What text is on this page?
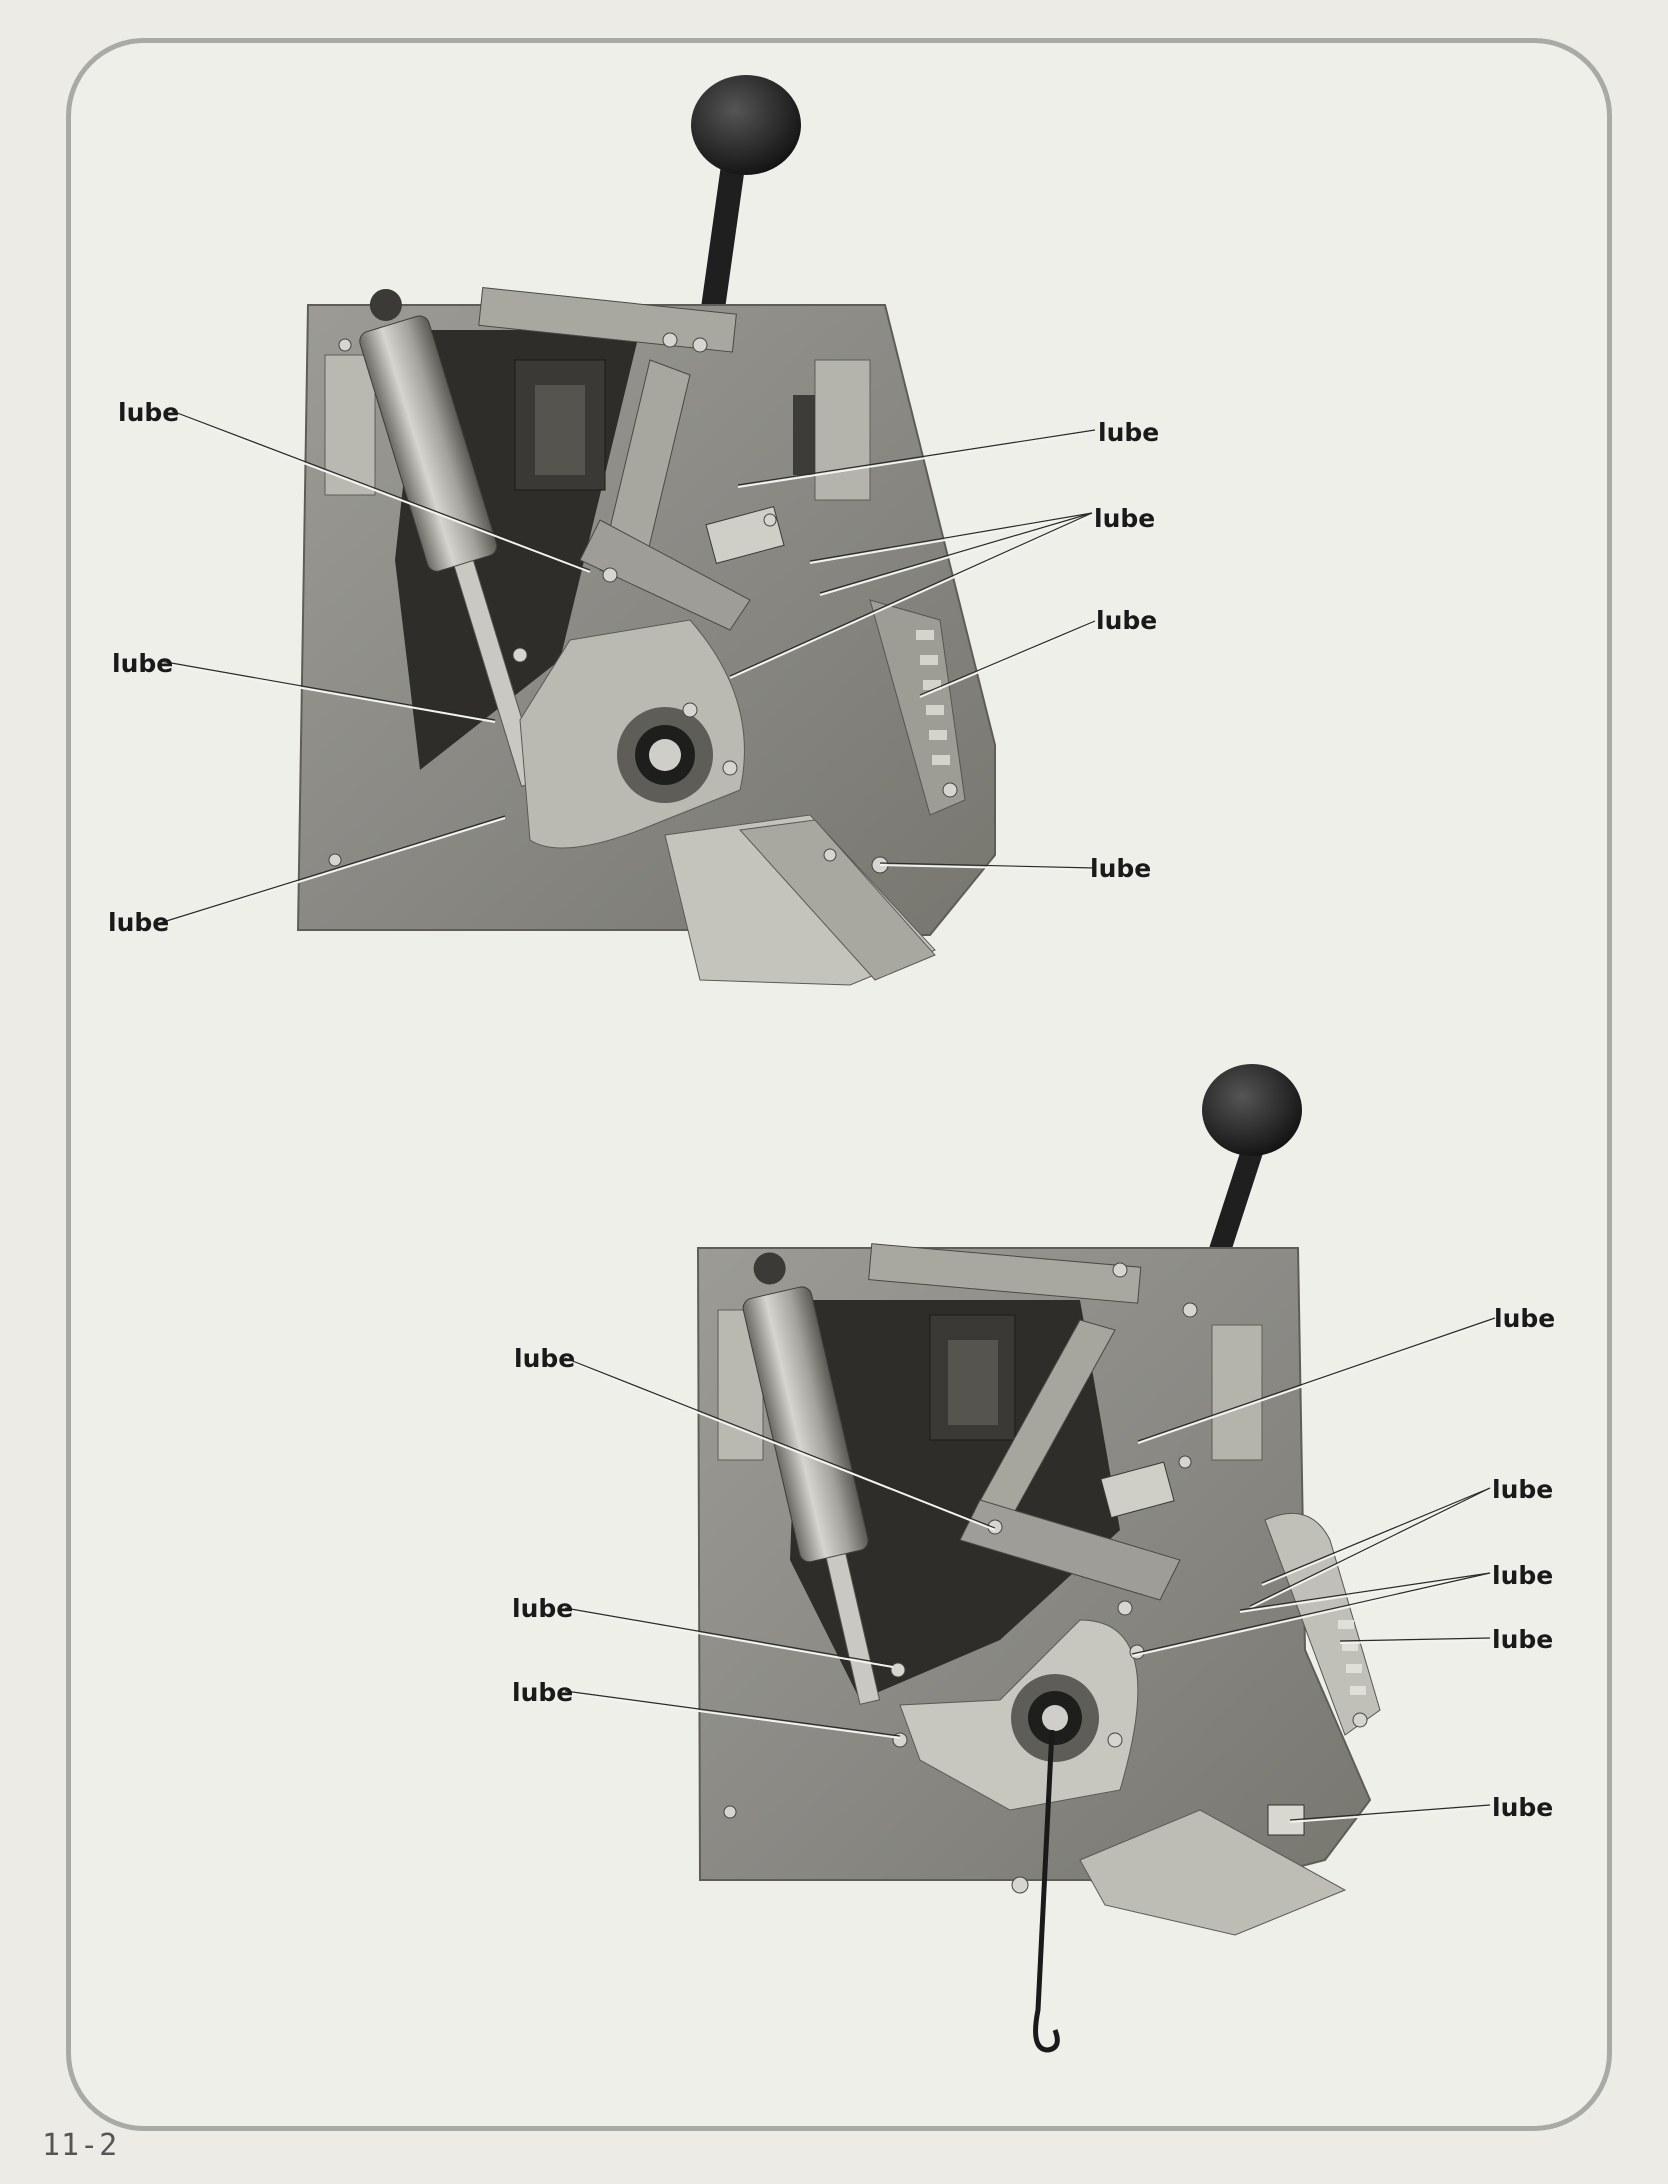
lube
lube
lube
lube
lube
lube
lube
lube
lube
lube
lube
lube
lube
lube
lube
11-2
